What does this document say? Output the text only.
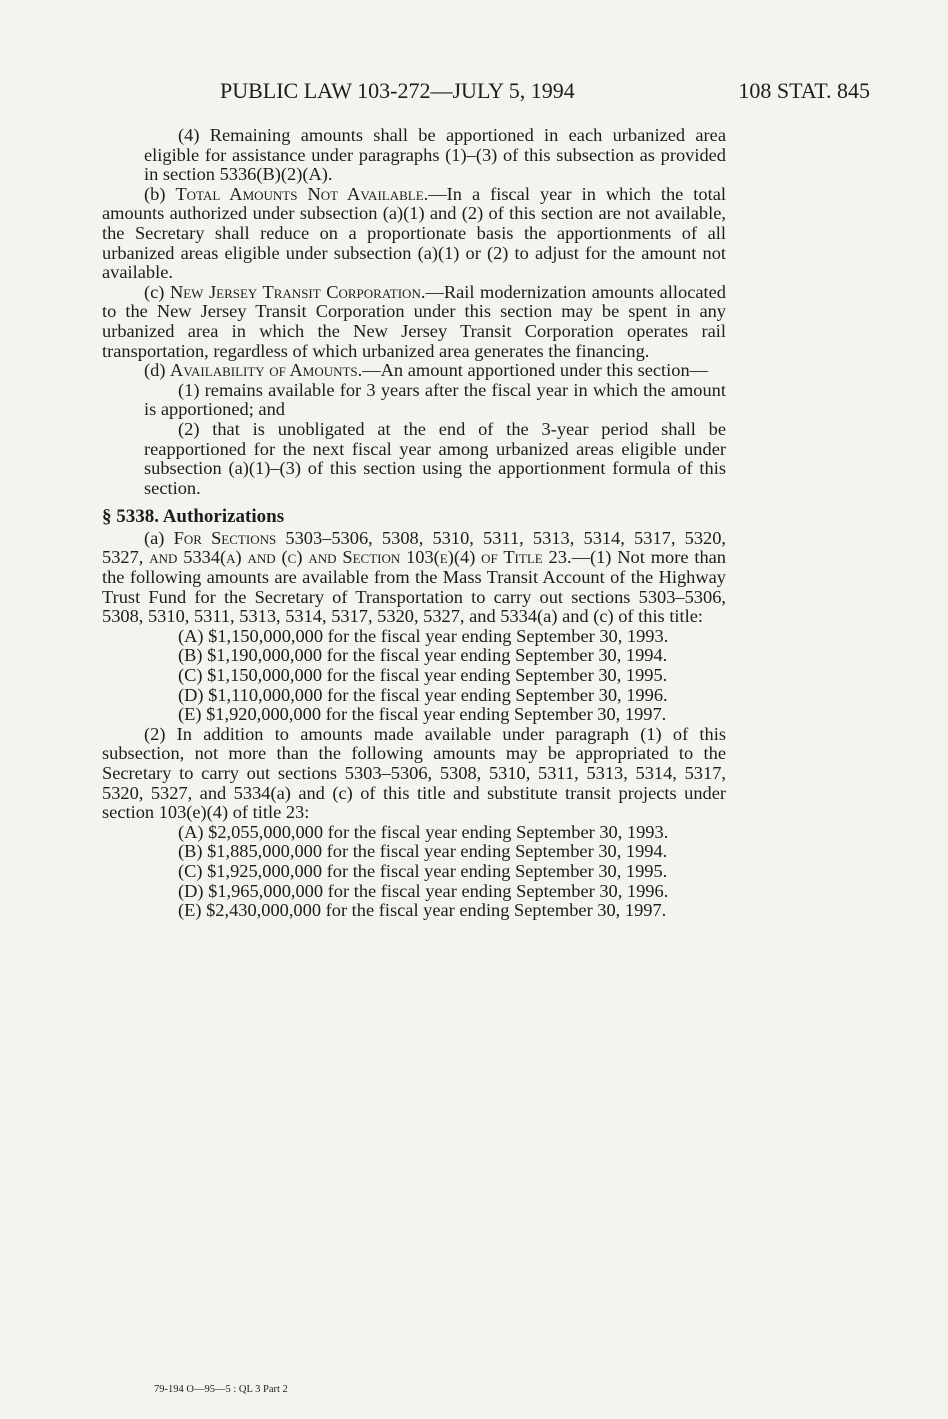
PUBLIC LAW 103-272—JULY 5, 1994	108 STAT. 845

(4) Remaining amounts shall be apportioned in each urbanized area eligible for assistance under paragraphs (1)–(3) of this subsection as provided in section 5336(B)(2)(A).

(b) Total Amounts Not Available.—In a fiscal year in which the total amounts authorized under subsection (a)(1) and (2) of this section are not available, the Secretary shall reduce on a proportionate basis the apportionments of all urbanized areas eligible under subsection (a)(1) or (2) to adjust for the amount not available.

(c) New Jersey Transit Corporation.—Rail modernization amounts allocated to the New Jersey Transit Corporation under this section may be spent in any urbanized area in which the New Jersey Transit Corporation operates rail transportation, regardless of which urbanized area generates the financing.

(d) Availability of Amounts.—An amount apportioned under this section—

(1) remains available for 3 years after the fiscal year in which the amount is apportioned; and

(2) that is unobligated at the end of the 3-year period shall be reapportioned for the next fiscal year among urbanized areas eligible under subsection (a)(1)–(3) of this section using the apportionment formula of this section.

§ 5338. Authorizations

(a) For Sections 5303–5306, 5308, 5310, 5311, 5313, 5314, 5317, 5320, 5327, and 5334(a) and (c) and Section 103(e)(4) of Title 23.—(1) Not more than the following amounts are available from the Mass Transit Account of the Highway Trust Fund for the Secretary of Transportation to carry out sections 5303–5306, 5308, 5310, 5311, 5313, 5314, 5317, 5320, 5327, and 5334(a) and (c) of this title:

(A) $1,150,000,000 for the fiscal year ending September 30, 1993.

(B) $1,190,000,000 for the fiscal year ending September 30, 1994.

(C) $1,150,000,000 for the fiscal year ending September 30, 1995.

(D) $1,110,000,000 for the fiscal year ending September 30, 1996.

(E) $1,920,000,000 for the fiscal year ending September 30, 1997.

(2) In addition to amounts made available under paragraph (1) of this subsection, not more than the following amounts may be appropriated to the Secretary to carry out sections 5303–5306, 5308, 5310, 5311, 5313, 5314, 5317, 5320, 5327, and 5334(a) and (c) of this title and substitute transit projects under section 103(e)(4) of title 23:

(A) $2,055,000,000 for the fiscal year ending September 30, 1993.

(B) $1,885,000,000 for the fiscal year ending September 30, 1994.

(C) $1,925,000,000 for the fiscal year ending September 30, 1995.

(D) $1,965,000,000 for the fiscal year ending September 30, 1996.

(E) $2,430,000,000 for the fiscal year ending September 30, 1997.

79-194 O—95—5 : QL 3 Part 2
